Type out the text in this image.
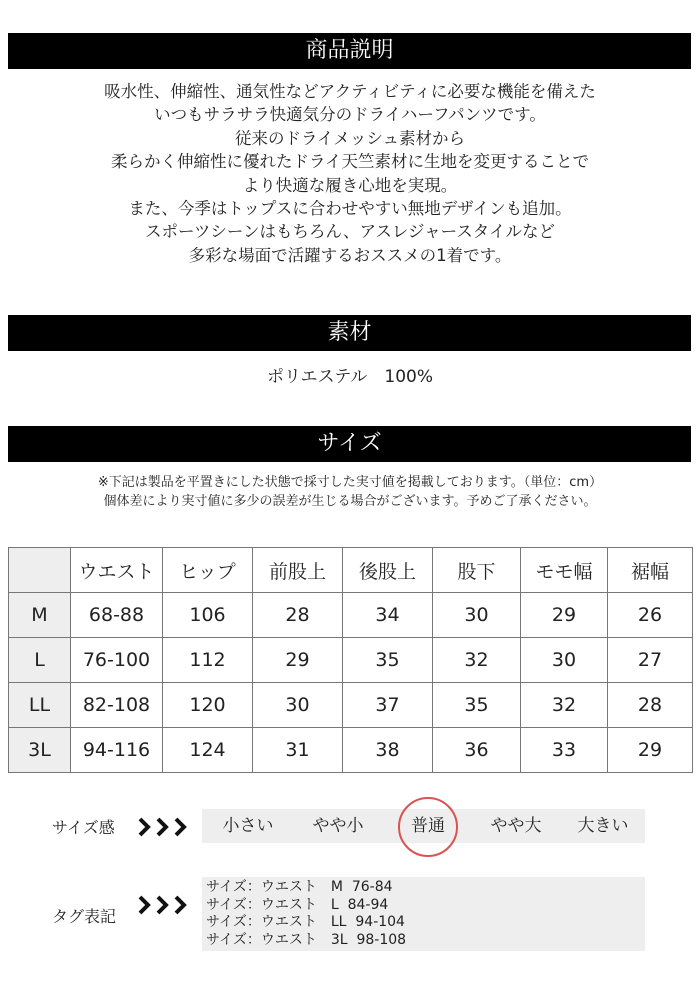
商品説明
素材
サイズ
吸水性、伸縮性、通気性などアクティビティに必要な機能を備えた
いつもサラサラ快適気分のドライハーフパンツです。
従来のドライメッシュ素材から
柔らかく伸縮性に優れたドライ天竺素材に生地を変更することで
より快適な履き心地を実現。
また、今季はトップスに合わせやすい無地デザインも追加。
スポーツシーンはもちろん、アスレジャースタイルなど
多彩な場面で活躍するおススメの1着です。
ポリエステル　100%
※下記は製品を平置きにした状態で採寸した実寸値を掲載しております。（単位：cm）
個体差により実寸値に多少の誤差が生じる場合がございます。予めご了承ください。
	ウエスト	ヒップ	前股上	後股上	股下	モモ幅	裾幅
M	68-88	106	28	34	30	29	26
L	76-100	112	29	35	32	30	27
LL	82-108	120	30	37	35	32	28
3L	94-116	124	31	38	36	33	29
サイズ感	小さい やや小	普通	やや大 大きい
タグ表記
サイズ：ウエスト　M  76-84
サイズ：ウエスト　L  84-94
サイズ：ウエスト　LL  94-104
サイズ：ウエスト　3L  98-108
